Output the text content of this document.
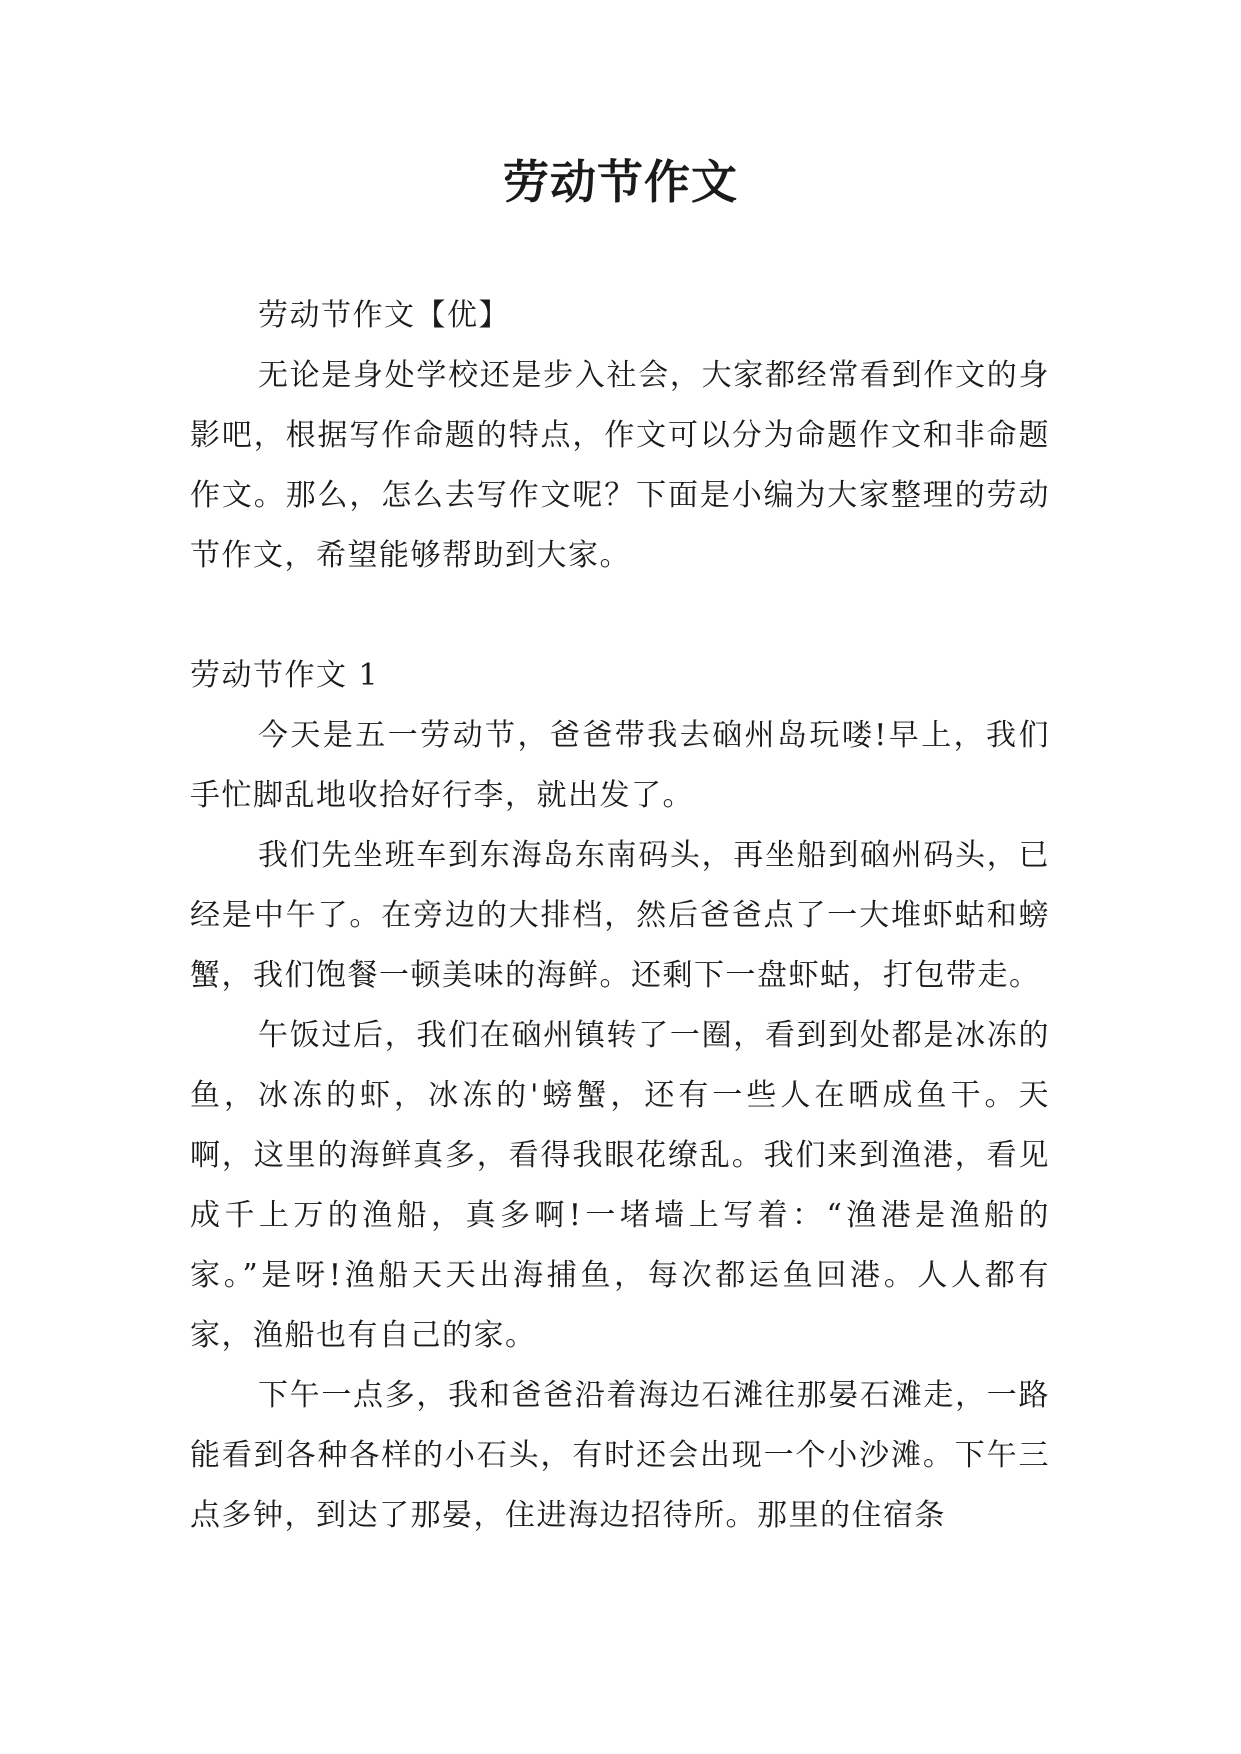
劳动节作文

劳动节作文【优】

无论是身处学校还是步入社会，大家都经常看到作文的身影吧，根据写作命题的特点，作文可以分为命题作文和非命题作文。那么，怎么去写作文呢？下面是小编为大家整理的劳动节作文，希望能够帮助到大家。

劳动节作文 1

今天是五一劳动节，爸爸带我去硇州岛玩喽!早上，我们手忙脚乱地收拾好行李，就出发了。

我们先坐班车到东海岛东南码头，再坐船到硇州码头，已经是中午了。在旁边的大排档，然后爸爸点了一大堆虾蛄和螃蟹，我们饱餐一顿美味的海鲜。还剩下一盘虾蛄，打包带走。

午饭过后，我们在硇州镇转了一圈，看到到处都是冰冻的鱼，冰冻的虾，冰冻的'螃蟹，还有一些人在晒成鱼干。天啊，这里的海鲜真多，看得我眼花缭乱。我们来到渔港，看见成千上万的渔船，真多啊!一堵墙上写着：“渔港是渔船的家。”是呀!渔船天天出海捕鱼，每次都运鱼回港。人人都有家，渔船也有自己的家。

下午一点多，我和爸爸沿着海边石滩往那晏石滩走，一路能看到各种各样的小石头，有时还会出现一个小沙滩。下午三点多钟，到达了那晏，住进海边招待所。那里的住宿条
